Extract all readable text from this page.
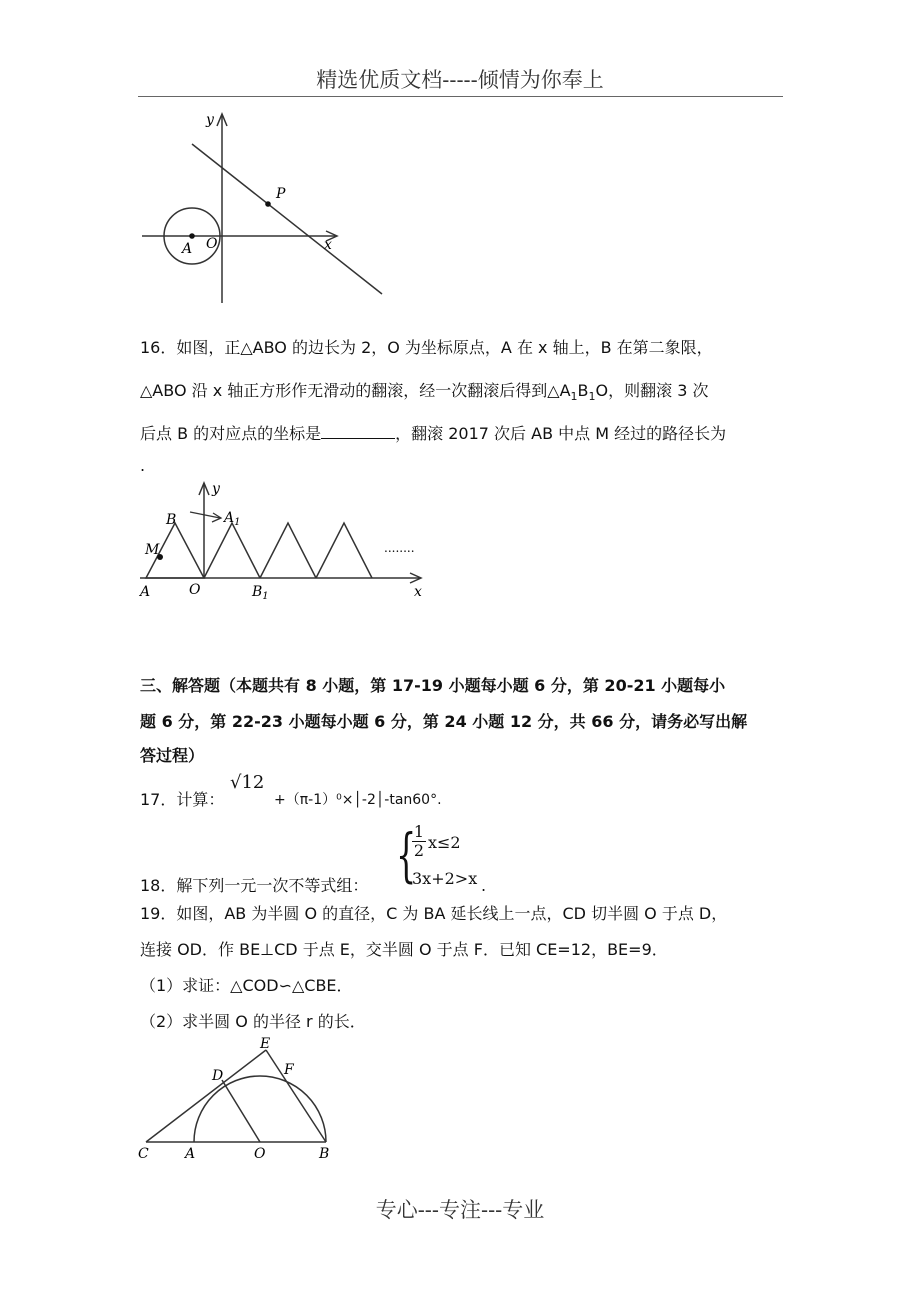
精选优质文档-----倾情为你奉上
y
x
P
A O
16．如图，正△ABO 的边长为 2，O 为坐标原点，A 在 x 轴上，B 在第二象限，
△ABO 沿 x 轴正方形作无滑动的翻滚，经一次翻滚后得到$\triangle A_1B_1O$，则翻滚 3 次
后点 B 的对应点的坐标是	，翻滚 2017 次后 AB 中点 M 经过的路径长为
.
y
x
B
M
A	O
$A_1$
$B_1$
........
三、解答题（本题共有 8 小题，第 17-19 小题每小题 6 分，第 20-21 小题每小
题 6 分，第 22-23 小题每小题 6 分，第 24 小题 12 分，共 66 分，请务必写出解
答过程）
17．计算：
√12
+（π-1）⁰×│-2│-tan60°.
18．解下列一元一次不等式组： {
1
2 x≤2
3x+2>x .
19．如图，AB 为半圆 O 的直径，C 为 BA 延长线上一点，CD 切半圆 O 于点 D，
连接 OD．作 BE⊥CD 于点 E，交半圆 O 于点 F．已知 CE=12，BE=9．
（1）求证：△COD∽△CBE．
（2）求半圆 O 的半径 r 的长．
E
D	F
C	A	O	B
专心---专注---专业
